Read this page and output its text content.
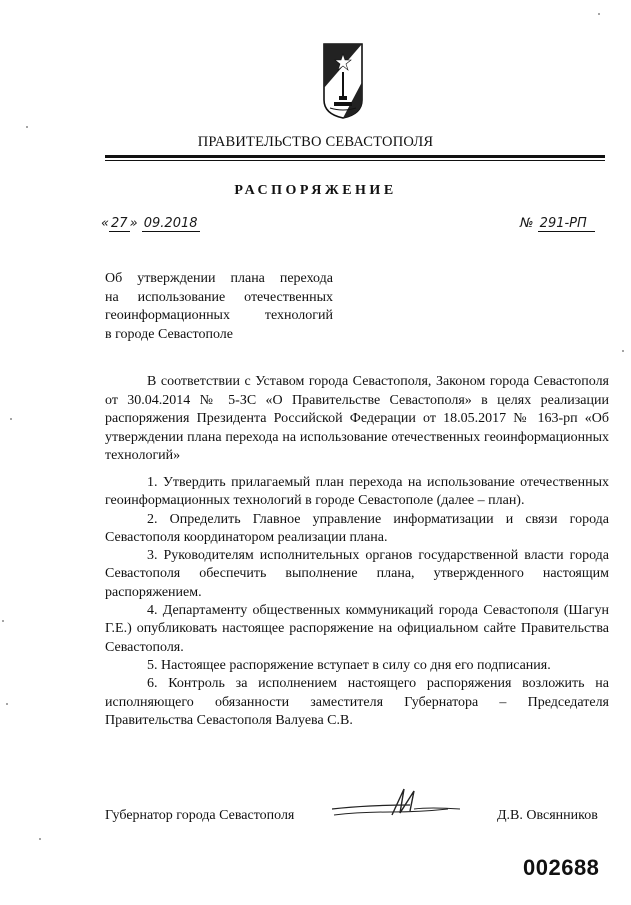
ПРАВИТЕЛЬСТВО СЕВАСТОПОЛЯ
РАСПОРЯЖЕНИЕ
« 27 » 09.2018	№ 291-РП
Об утверждении плана перехода
на использование отечественных
геоинформационных технологий
в городе Севастополе

В соответствии с Уставом города Севастополя, Законом города Севастополя от 30.04.2014 № 5-ЗС «О Правительстве Севастополя» в целях реализации распоряжения Президента Российской Федерации от 18.05.2017 № 163-рп «Об утверждении плана перехода на использование отечественных геоинформационных технологий»

1. Утвердить прилагаемый план перехода на использование отечественных геоинформационных технологий в городе Севастополе (далее – план).

2. Определить Главное управление информатизации и связи города Севастополя координатором реализации плана.

3. Руководителям исполнительных органов государственной власти города Севастополя обеспечить выполнение плана, утвержденного настоящим распоряжением.

4. Департаменту общественных коммуникаций города Севастополя (Шагун Г.Е.) опубликовать настоящее распоряжение на официальном сайте Правительства Севастополя.

5. Настоящее распоряжение вступает в силу со дня его подписания.

6. Контроль за исполнением настоящего распоряжения возложить на исполняющего обязанности заместителя Губернатора – Председателя Правительства Севастополя Валуева С.В.

Губернатор города Севастополя	Д.В. Овсянников
002688
